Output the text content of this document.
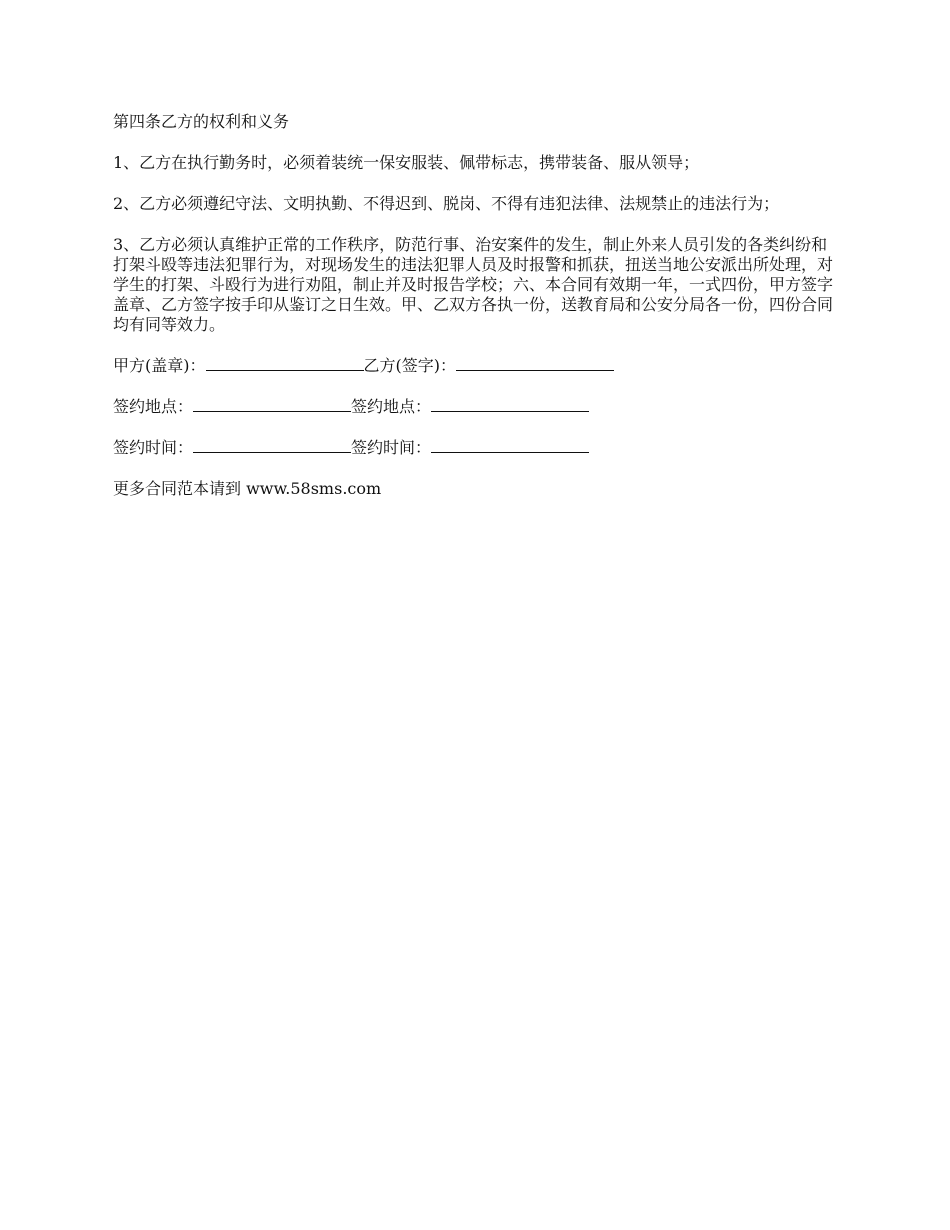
第四条乙方的权利和义务

1、乙方在执行勤务时，必须着装统一保安服装、佩带标志，携带装备、服从领导；

2、乙方必须遵纪守法、文明执勤、不得迟到、脱岗、不得有违犯法律、法规禁止的违法行为；

3、乙方必须认真维护正常的工作秩序，防范行事、治安案件的发生，制止外来人员引发的各类纠纷和打架斗殴等违法犯罪行为，对现场发生的违法犯罪人员及时报警和抓获，扭送当地公安派出所处理，对学生的打架、斗殴行为进行劝阻，制止并及时报告学校；六、本合同有效期一年，一式四份，甲方签字盖章、乙方签字按手印从鉴订之日生效。甲、乙双方各执一份，送教育局和公安分局各一份，四份合同均有同等效力。

甲方(盖章)：	乙方(签字)：
签约地点：	签约地点：
签约时间：	签约时间：

更多合同范本请到 www.58sms.com
